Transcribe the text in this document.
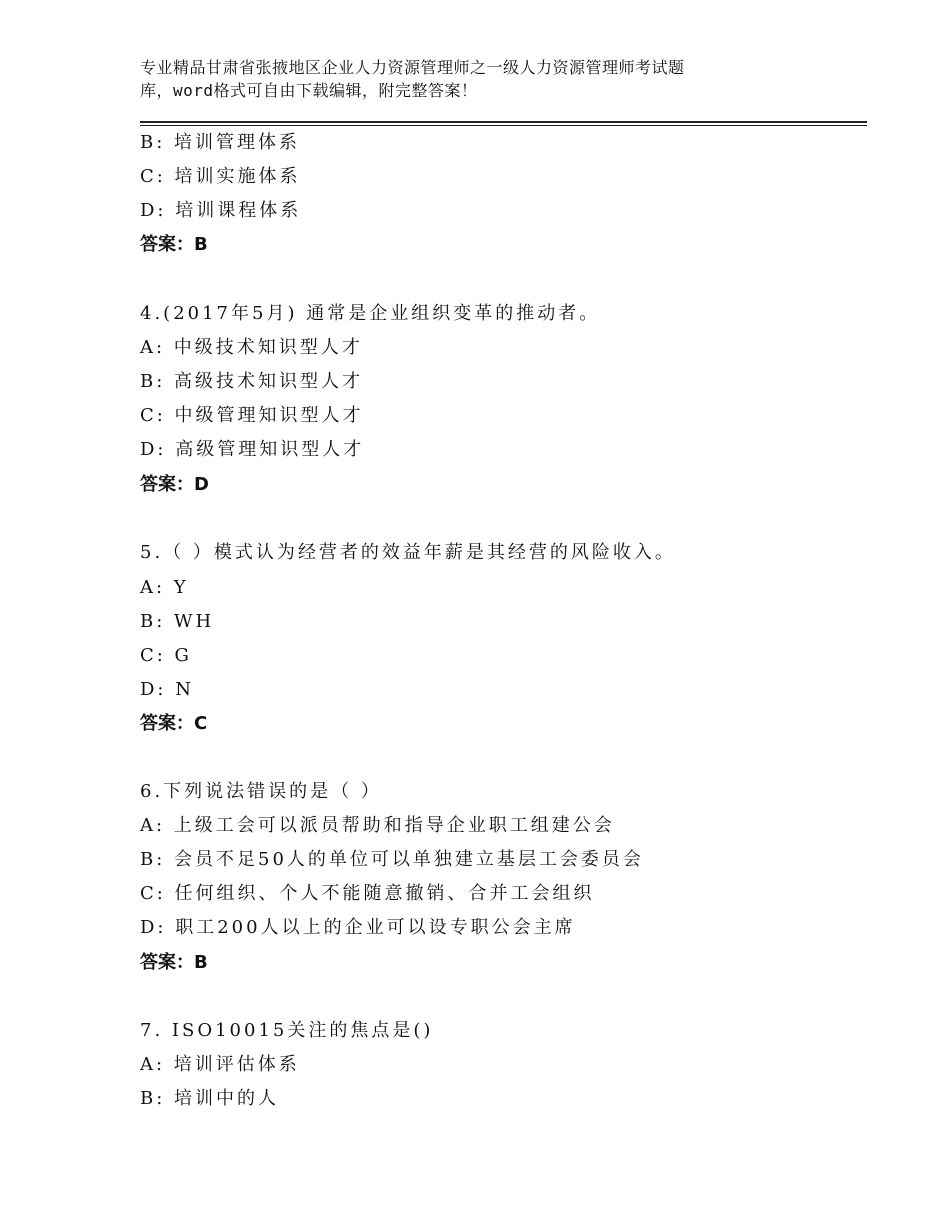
专业精品甘肃省张掖地区企业人力资源管理师之一级人力资源管理师考试题
库，word格式可自由下载编辑，附完整答案！
B: 培训管理体系
C: 培训实施体系
D: 培训课程体系
答案：B
4.(2017年5月) 通常是企业组织变革的推动者。
A: 中级技术知识型人才
B: 高级技术知识型人才
C: 中级管理知识型人才
D: 高级管理知识型人才
答案：D
5.（ ）模式认为经营者的效益年薪是其经营的风险收入。
A: Y
B: WH
C: G
D: N
答案：C
6.下列说法错误的是（ ）
A: 上级工会可以派员帮助和指导企业职工组建公会
B: 会员不足50人的单位可以单独建立基层工会委员会
C: 任何组织、个人不能随意撤销、合并工会组织
D: 职工200人以上的企业可以设专职公会主席
答案：B
7. ISO10015关注的焦点是()
A: 培训评估体系
B: 培训中的人
